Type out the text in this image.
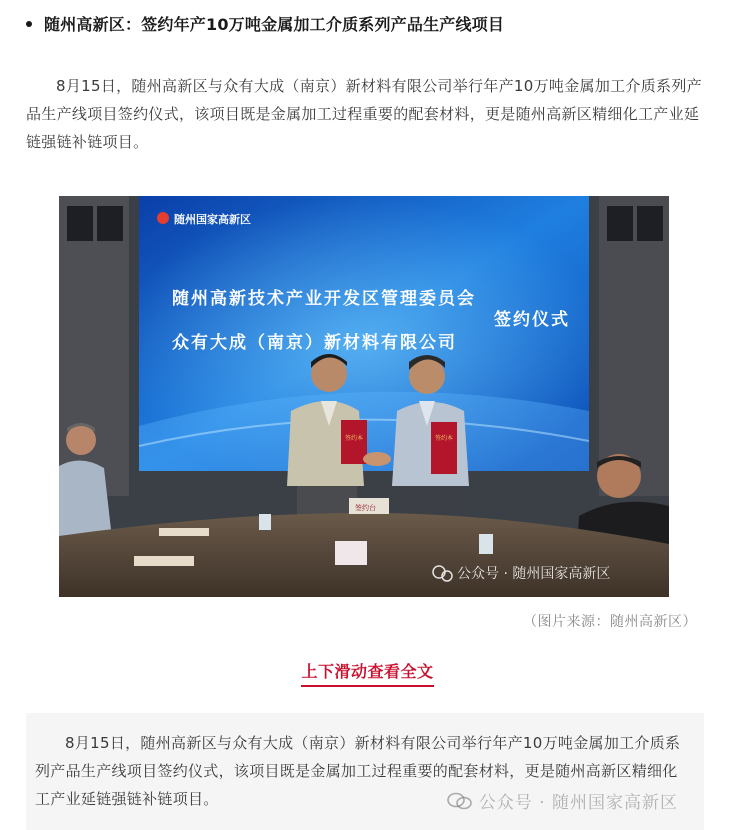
随州高新区：签约年产10万吨金属加工介质系列产品生产线项目

8月15日，随州高新区与众有大成（南京）新材料有限公司举行年产10万吨金属加工介质系列产品生产线项目签约仪式，该项目既是金属加工过程重要的配套材料，更是随州高新区精细化工产业延链强链补链项目。

随州国家高新区
随州高新技术产业开发区管理委员会
众有大成（南京）新材料有限公司
签约仪式
签约本	签约本
签约台
公众号 · 随州国家高新区
（图片来源：随州高新区）
上下滑动查看全文

8月15日，随州高新区与众有大成（南京）新材料有限公司举行年产10万吨金属加工介质系列产品生产线项目签约仪式，该项目既是金属加工过程重要的配套材料，更是随州高新区精细化工产业延链强链补链项目。	公众号 · 随州国家高新区
